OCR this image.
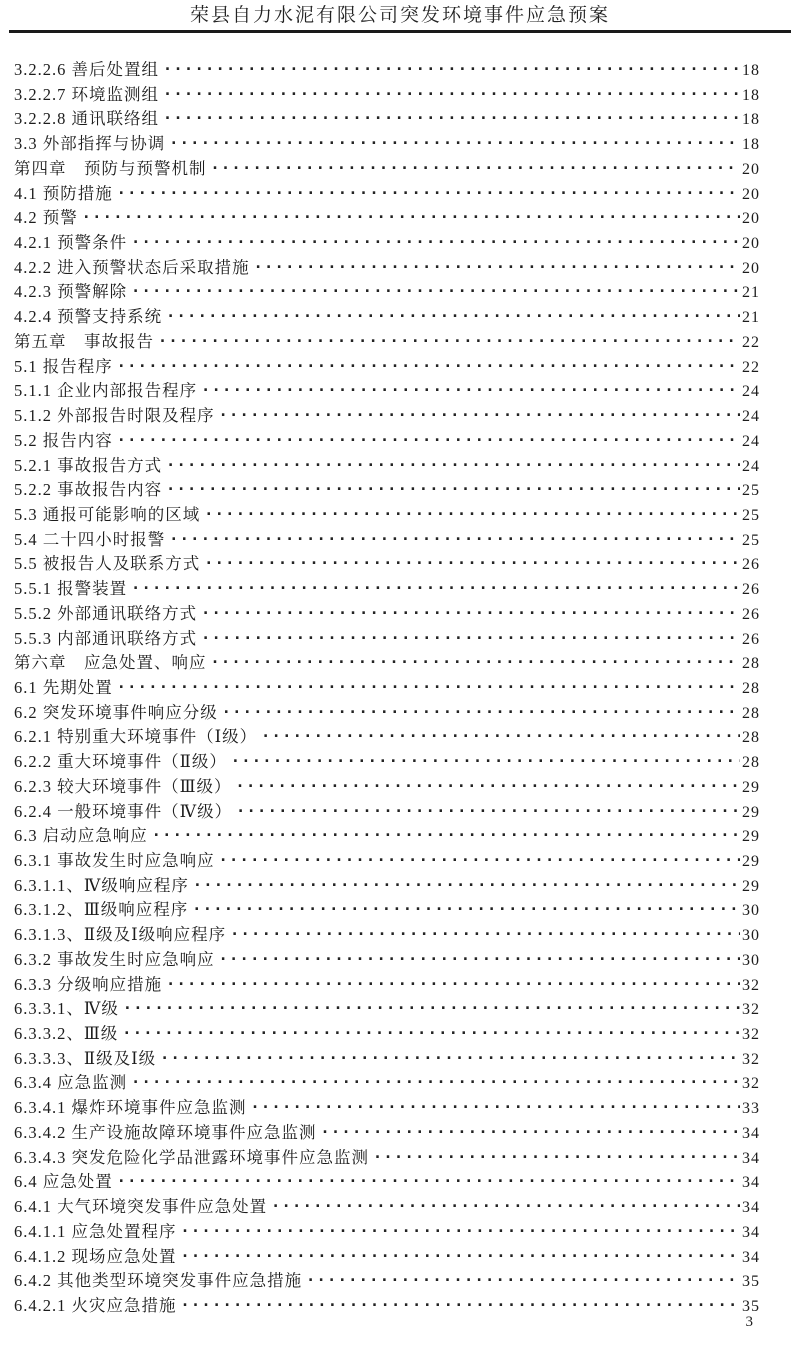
荣县自力水泥有限公司突发环境事件应急预案
3.2.2.6 善后处置组 ·····	18
3.2.2.7 环境监测组 ·····	18
3.2.2.8 通讯联络组 ·····	18
3.3 外部指挥与协调 ·····	18
第四章　预防与预警机制 ·····	20
4.1 预防措施 ·····	20
4.2 预警 ·····	20
4.2.1 预警条件 ·····	20
4.2.2 进入预警状态后采取措施 ·····	20
4.2.3 预警解除 ·····	21
4.2.4 预警支持系统 ·····	21
第五章　事故报告 ·····	22
5.1 报告程序 ·····	22
5.1.1 企业内部报告程序 ·····	24
5.1.2 外部报告时限及程序 ·····	24
5.2 报告内容 ·····	24
5.2.1 事故报告方式 ·····	24
5.2.2 事故报告内容 ·····	25
5.3 通报可能影响的区域 ·····	25
5.4 二十四小时报警 ·····	25
5.5 被报告人及联系方式 ·····	26
5.5.1 报警装置 ·····	26
5.5.2 外部通讯联络方式 ·····	26
5.5.3 内部通讯联络方式 ·····	26
第六章　应急处置、响应 ·····	28
6.1 先期处置 ·····	28
6.2 突发环境事件响应分级 ·····	28
6.2.1 特别重大环境事件（Ⅰ级） ·····	28
6.2.2 重大环境事件（Ⅱ级） ·····	28
6.2.3 较大环境事件（Ⅲ级） ·····	29
6.2.4 一般环境事件（Ⅳ级） ·····	29
6.3 启动应急响应 ·····	29
6.3.1 事故发生时应急响应 ·····	29
6.3.1.1、Ⅳ级响应程序 ·····	29
6.3.1.2、Ⅲ级响应程序 ·····	30
6.3.1.3、Ⅱ级及Ⅰ级响应程序 ·····	30
6.3.2 事故发生时应急响应 ·····	30
6.3.3 分级响应措施 ·····	32
6.3.3.1、Ⅳ级 ·····	32
6.3.3.2、Ⅲ级 ·····	32
6.3.3.3、Ⅱ级及Ⅰ级 ·····	32
6.3.4 应急监测 ·····	32
6.3.4.1 爆炸环境事件应急监测 ·····	33
6.3.4.2 生产设施故障环境事件应急监测 ·····	34
6.3.4.3 突发危险化学品泄露环境事件应急监测 ·····	34
6.4 应急处置 ·····	34
6.4.1 大气环境突发事件应急处置 ·····	34
6.4.1.1 应急处置程序 ·····	34
6.4.1.2 现场应急处置 ·····	34
6.4.2 其他类型环境突发事件应急措施 ·····	35
6.4.2.1 火灾应急措施 ·····	35
3
